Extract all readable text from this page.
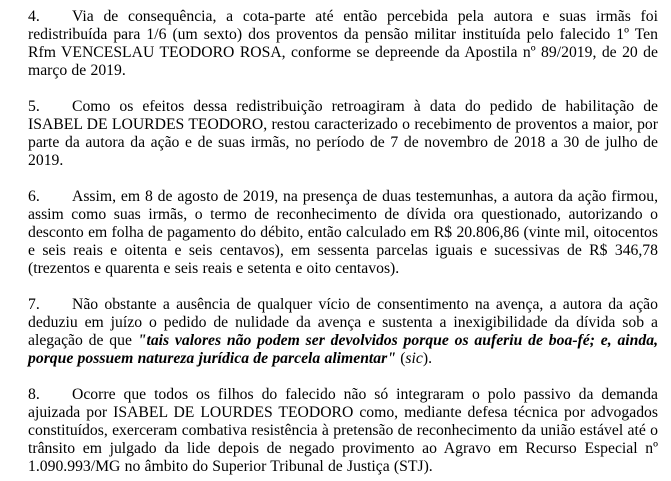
4. Via de consequência, a cota-parte até então percebida pela autora e suas irmãs foi redistribuída para 1/6 (um sexto) dos proventos da pensão militar instituída pelo falecido 1º Ten Rfm VENCESLAU TEODORO ROSA, conforme se depreende da Apostila nº 89/2019, de 20 de março de 2019.

5. Como os efeitos dessa redistribuição retroagiram à data do pedido de habilitação de ISABEL DE LOURDES TEODORO, restou caracterizado o recebimento de proventos a maior, por parte da autora da ação e de suas irmãs, no período de 7 de novembro de 2018 a 30 de julho de 2019.

6. Assim, em 8 de agosto de 2019, na presença de duas testemunhas, a autora da ação firmou, assim como suas irmãs, o termo de reconhecimento de dívida ora questionado, autorizando o desconto em folha de pagamento do débito, então calculado em R$ 20.806,86 (vinte mil, oitocentos e seis reais e oitenta e seis centavos), em sessenta parcelas iguais e sucessivas de R$ 346,78 (trezentos e quarenta e seis reais e setenta e oito centavos).

7. Não obstante a ausência de qualquer vício de consentimento na avença, a autora da ação deduziu em juízo o pedido de nulidade da avença e sustenta a inexigibilidade da dívida sob a alegação de que "tais valores não podem ser devolvidos porque os auferiu de boa-fé; e, ainda, porque possuem natureza jurídica de parcela alimentar" (sic).

8. Ocorre que todos os filhos do falecido não só integraram o polo passivo da demanda ajuizada por ISABEL DE LOURDES TEODORO como, mediante defesa técnica por advogados constituídos, exerceram combativa resistência à pretensão de reconhecimento da união estável até o trânsito em julgado da lide depois de negado provimento ao Agravo em Recurso Especial nº 1.090.993/MG no âmbito do Superior Tribunal de Justiça (STJ).
